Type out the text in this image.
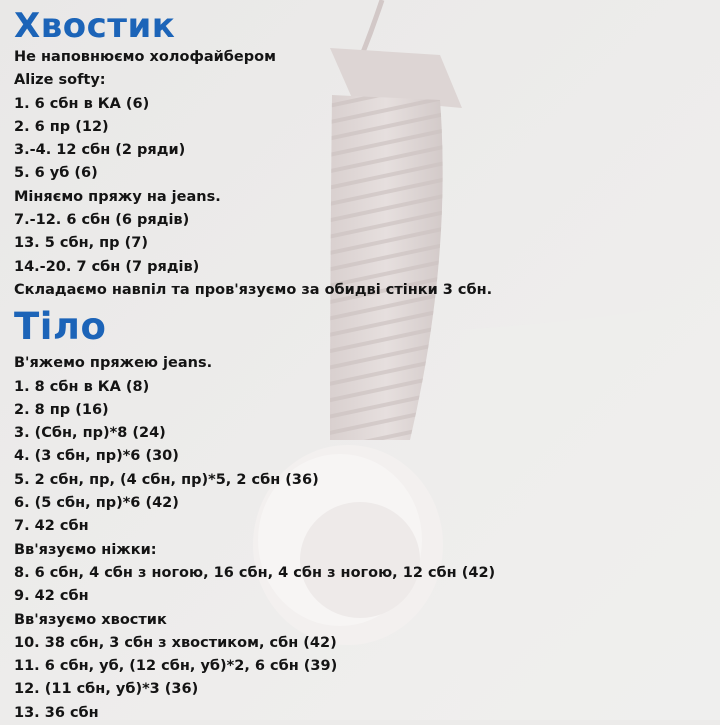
Хвостик

Не наповнюємо холофайбером

Alize softy:

1. 6 сбн в КА (6)

2. 6 пр (12)

3.-4. 12 сбн (2 ряди)

5. 6 уб (6)

Міняємо пряжу на jeans.

7.-12. 6 сбн (6 рядів)

13. 5 сбн, пр (7)

14.-20. 7 сбн (7 рядів)

Складаємо навпіл та пров'язуємо за обидві стінки 3 сбн.

Тіло

В'яжемо пряжею jeans.

1. 8 сбн в КА (8)

2. 8 пр (16)

3. (Сбн, пр)*8 (24)

4. (3 сбн, пр)*6 (30)

5. 2 сбн, пр, (4 сбн, пр)*5, 2 сбн (36)

6. (5 сбн, пр)*6 (42)

7. 42 сбн

Вв'язуємо ніжки:

8. 6 сбн, 4 сбн з ногою, 16 сбн, 4 сбн з ногою, 12 сбн (42)

9. 42 сбн

Вв'язуємо хвостик

10. 38 сбн, 3 сбн з хвостиком, сбн (42)

11. 6 сбн, уб, (12 сбн, уб)*2, 6 сбн (39)

12. (11 сбн, уб)*3 (36)

13. 36 сбн
